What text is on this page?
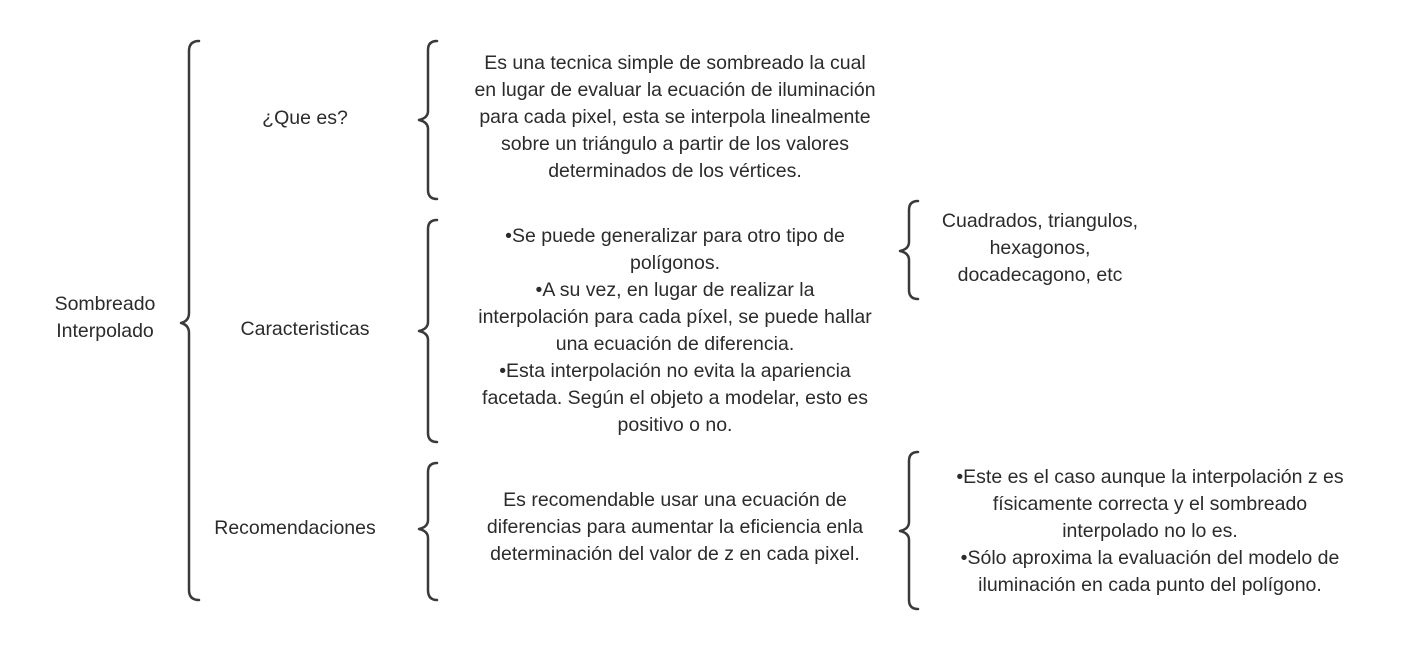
Sombreado
Interpolado
¿Que es?
Es una tecnica simple de sombreado la cual
en lugar de evaluar la ecuación de iluminación
para cada pixel, esta se interpola linealmente
sobre un triángulo a partir de los valores
determinados de los vértices.
Caracteristicas
•Se puede generalizar para otro tipo de
polígonos.
•A su vez, en lugar de realizar la
interpolación para cada píxel, se puede hallar
una ecuación de diferencia.
•Esta interpolación no evita la apariencia
facetada. Según el objeto a modelar, esto es
positivo o no.
Cuadrados, triangulos,
hexagonos,
docadecagono, etc
Recomendaciones
Es recomendable usar una ecuación de
diferencias para aumentar la eficiencia enla
determinación del valor de z en cada pixel.
•Este es el caso aunque la interpolación z es
físicamente correcta y el sombreado
interpolado no lo es.
•Sólo aproxima la evaluación del modelo de
iluminación en cada punto del polígono.
